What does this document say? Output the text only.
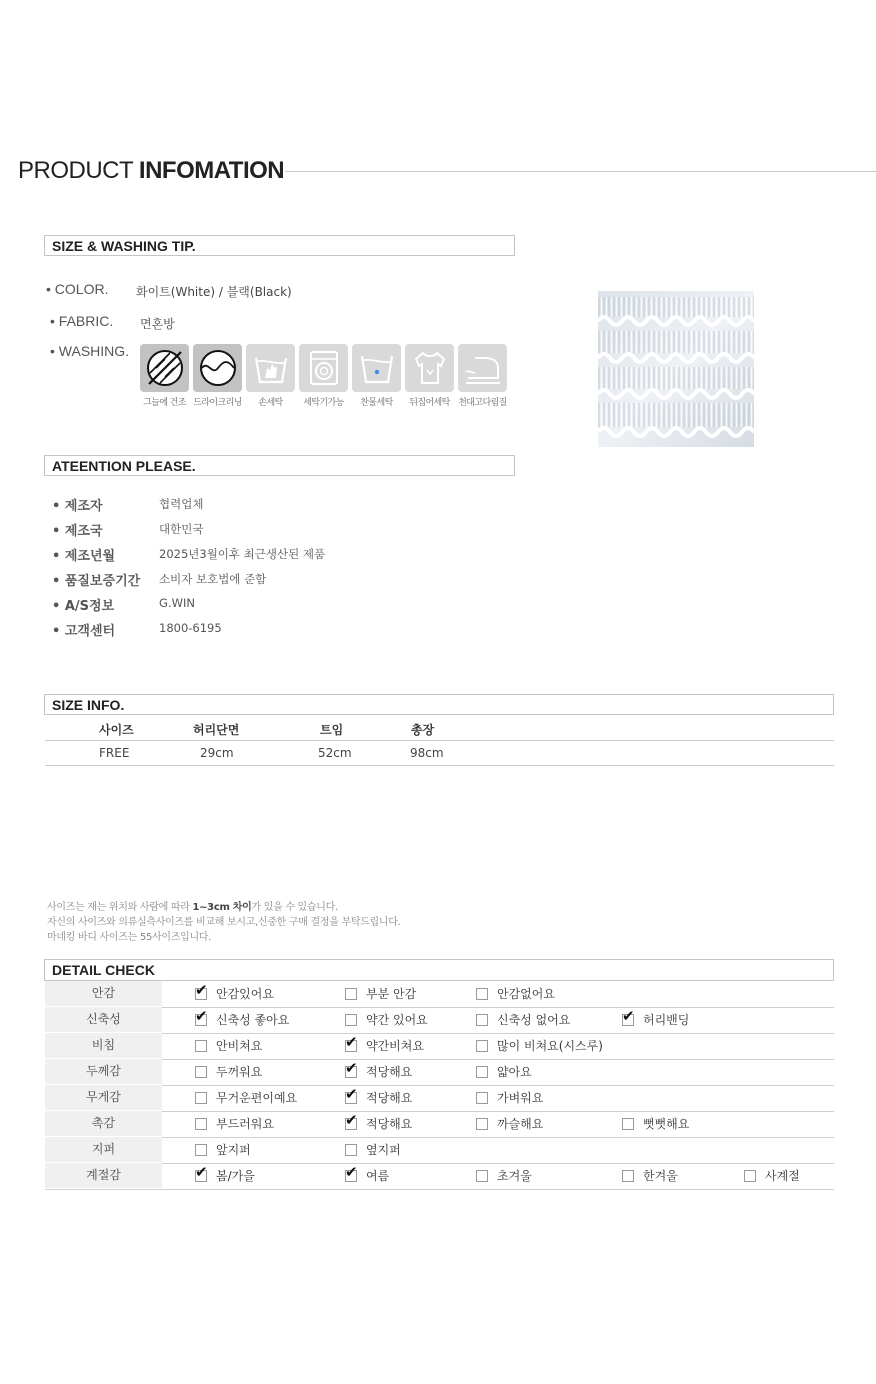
PRODUCT INFOMATION
SIZE & WASHING TIP.
• COLOR. 화이트(White) / 블랙(Black)
• FABRIC. 면혼방
• WASHING.
그늘에 건조 드라이크리닝	손세탁	세탁기가능	찬물세탁	뒤집어세탁 천대고다림질
ATEENTION PLEASE.
• 제조자	협력업체
• 제조국	대한민국
• 제조년월	2025년3월이후 최근생산된 제품
• 품질보증기간 소비자 보호법에 준함
• A/S정보	G.WIN
• 고객센터	1800-6195
SIZE INFO.
사이즈	허리단면	트임	총장
FREE	29cm	52cm	98cm
사이즈는 재는 위치와 사람에 따라 1~3cm 차이가 있을 수 있습니다.
자신의 사이즈와 의류실측사이즈를 비교해 보시고,신중한 구매 결정을 부탁드립니다.
마네킹 바디 사이즈는 55사이즈입니다.
DETAIL CHECK
안감	✔ 안감있어요	부분 안감	안감없어요
신축성	✔ 신축성 좋아요	약간 있어요	신축성 없어요	✔ 허리밴딩
비침	안비쳐요	✔ 약간비쳐요	많이 비쳐요(시스루)
두께감	두꺼워요	✔ 적당해요	얇아요
무게감	무거운편이예요	✔ 적당해요	가벼워요
촉감	부드러워요	✔ 적당해요	까슬해요	뻣뻣해요
지퍼	앞지퍼	옆지퍼
계절감	✔ 봄/가을	✔ 여름	초겨울	한겨울	사계절
